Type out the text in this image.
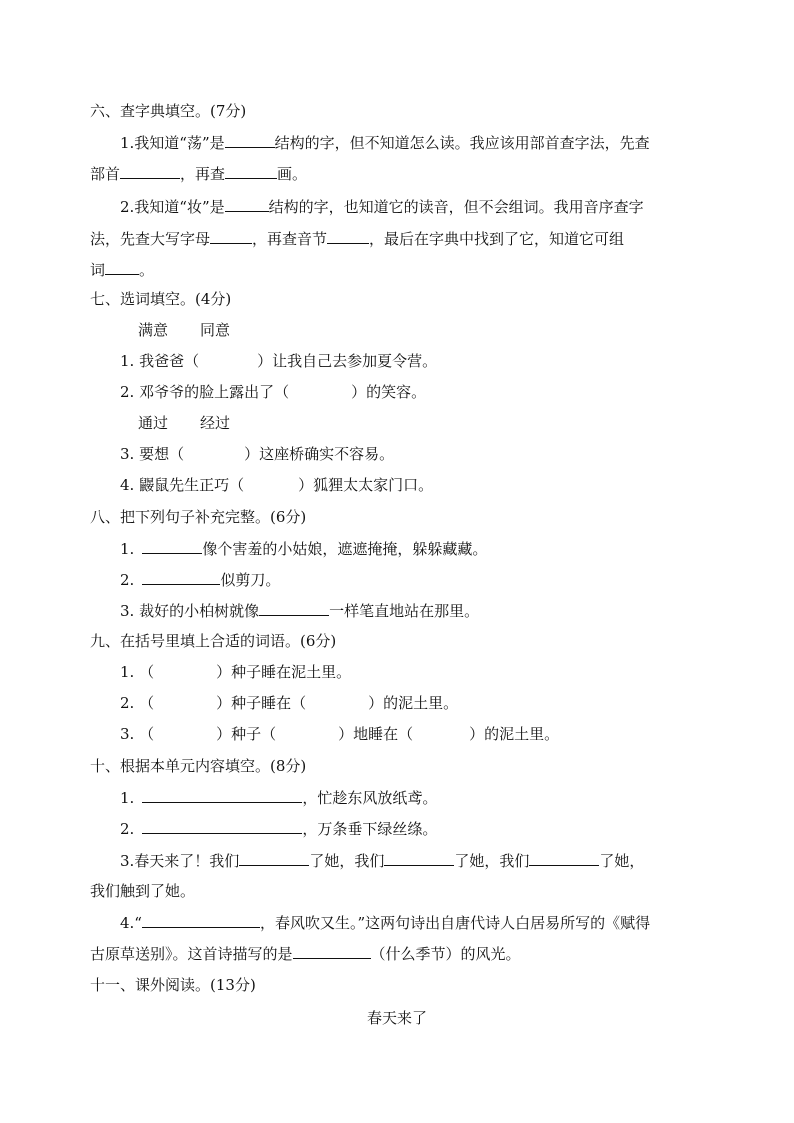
六、查字典填空。(7分)
1.我知道“荡”是	结构的字，但不知道怎么读。我应该用部首查字法，先查
部首	，再查	画。
2.我知道“妆”是	结构的字，也知道它的读音，但不会组词。我用音序查字
法，先查大写字母	，再查音节	，最后在字典中找到了它，知道它可组
词 。
七、选词填空。(4分)
满意 同意
1. 我爸爸（	）让我自己去参加夏令营。
2. 邓爷爷的脸上露出了（	）的笑容。
通过 经过
3. 要想（	）这座桥确实不容易。
4. 鼹鼠先生正巧（	）狐狸太太家门口。
八、把下列句子补充完整。(6分)
1.	像个害羞的小姑娘，遮遮掩掩，躲躲藏藏。
2.	似剪刀。
3. 裁好的小柏树就像	一样笔直地站在那里。
九、在括号里填上合适的词语。(6分)
1. （	）种子睡在泥土里。
2. （	）种子睡在（	）的泥土里。
3. （	）种子（	）地睡在（	）的泥土里。
十、根据本单元内容填空。(8分)
1.	，忙趁东风放纸鸢。
2.	，万条垂下绿丝绦。
3.春天来了！我们	了她，我们	了她，我们	了她，
我们触到了她。
4.“	，春风吹又生。”这两句诗出自唐代诗人白居易所写的《赋得
古原草送别》。这首诗描写的是	（什么季节）的风光。
十一、课外阅读。(13分)
春天来了
